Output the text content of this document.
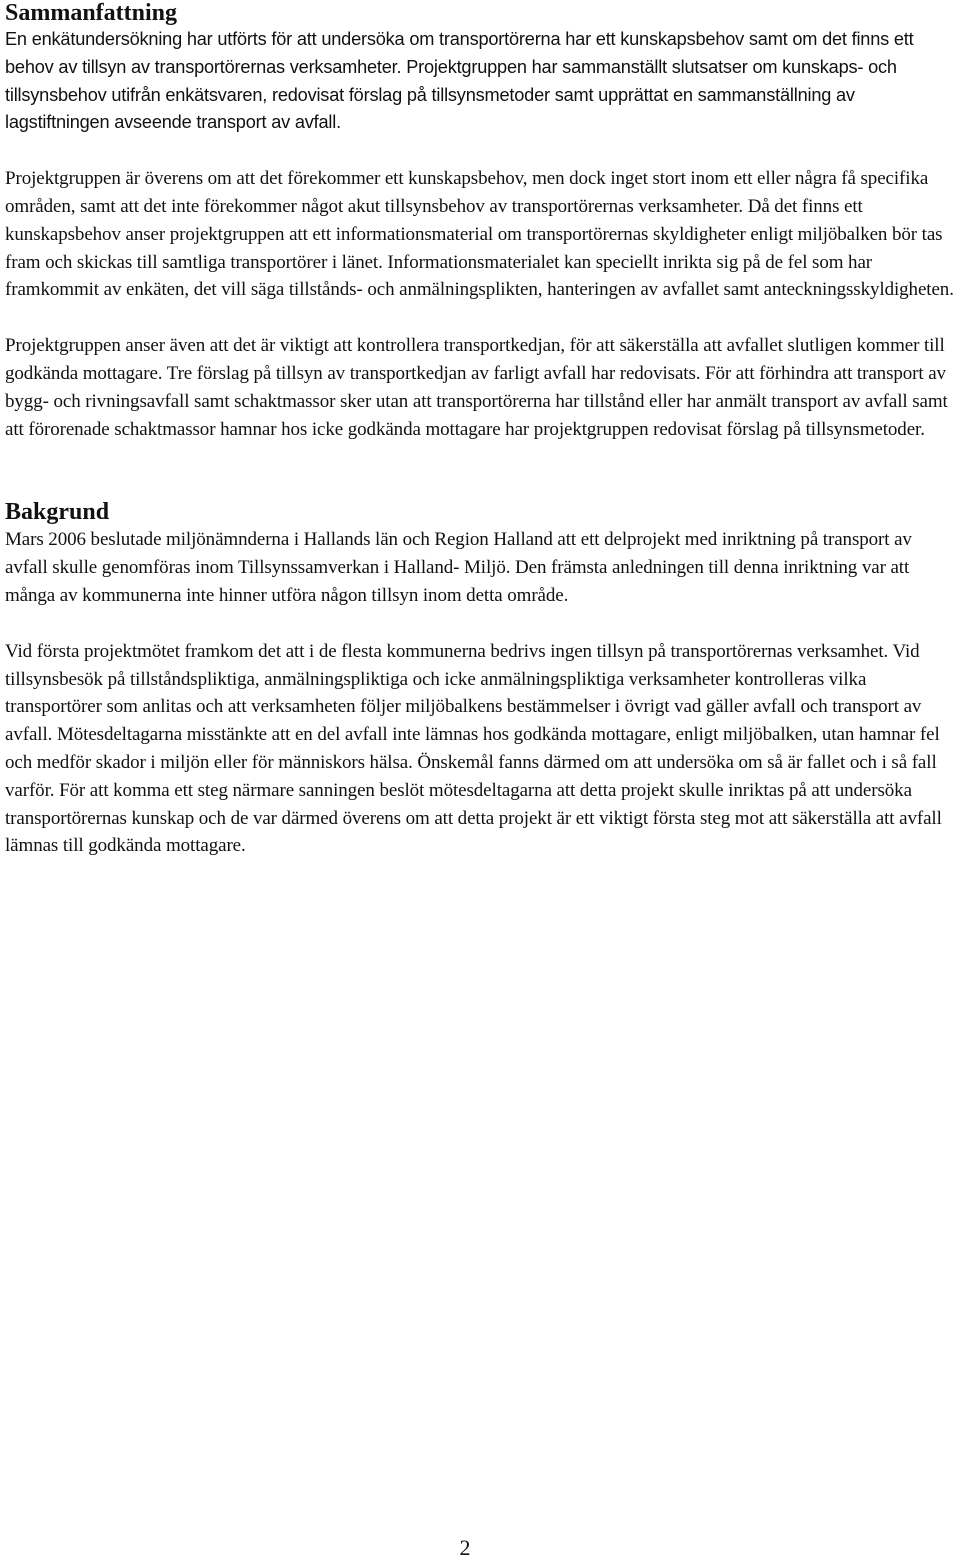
Sammanfattning

En enkätundersökning har utförts för att undersöka om transportörerna har ett kunskapsbehov samt om det finns ett behov av tillsyn av transportörernas verksamheter. Projektgruppen har sammanställt slutsatser om kunskaps- och tillsynsbehov utifrån enkätsvaren, redovisat förslag på tillsynsmetoder samt upprättat en sammanställning av lagstiftningen avseende transport av avfall.

Projektgruppen är överens om att det förekommer ett kunskapsbehov, men dock inget stort inom ett eller några få specifika områden, samt att det inte förekommer något akut tillsynsbehov av transportörernas verksamheter. Då det finns ett kunskapsbehov anser projektgruppen att ett informationsmaterial om transportörernas skyldigheter enligt miljöbalken bör tas fram och skickas till samtliga transportörer i länet. Informationsmaterialet kan speciellt inrikta sig på de fel som har framkommit av enkäten, det vill säga tillstånds- och anmälningsplikten, hanteringen av avfallet samt anteckningsskyldigheten.

Projektgruppen anser även att det är viktigt att kontrollera transportkedjan, för att säkerställa att avfallet slutligen kommer till godkända mottagare. Tre förslag på tillsyn av transportkedjan av farligt avfall har redovisats. För att förhindra att transport av bygg- och rivningsavfall samt schaktmassor sker utan att transportörerna har tillstånd eller har anmält transport av avfall samt att förorenade schaktmassor hamnar hos icke godkända mottagare har projektgruppen redovisat förslag på tillsynsmetoder.

Bakgrund

Mars 2006 beslutade miljönämnderna i Hallands län och Region Halland att ett delprojekt med inriktning på transport av avfall skulle genomföras inom Tillsynssamverkan i Halland- Miljö. Den främsta anledningen till denna inriktning var att många av kommunerna inte hinner utföra någon tillsyn inom detta område.

Vid första projektmötet framkom det att i de flesta kommunerna bedrivs ingen tillsyn på transportörernas verksamhet. Vid tillsynsbesök på tillståndspliktiga, anmälningspliktiga och icke anmälningspliktiga verksamheter kontrolleras vilka transportörer som anlitas och att verksamheten följer miljöbalkens bestämmelser i övrigt vad gäller avfall och transport av avfall. Mötesdeltagarna misstänkte att en del avfall inte lämnas hos godkända mottagare, enligt miljöbalken, utan hamnar fel och medför skador i miljön eller för människors hälsa. Önskemål fanns därmed om att undersöka om så är fallet och i så fall varför. För att komma ett steg närmare sanningen beslöt mötesdeltagarna att detta projekt skulle inriktas på att undersöka transportörernas kunskap och de var därmed överens om att detta projekt är ett viktigt första steg mot att säkerställa att avfall lämnas till godkända mottagare.

2
